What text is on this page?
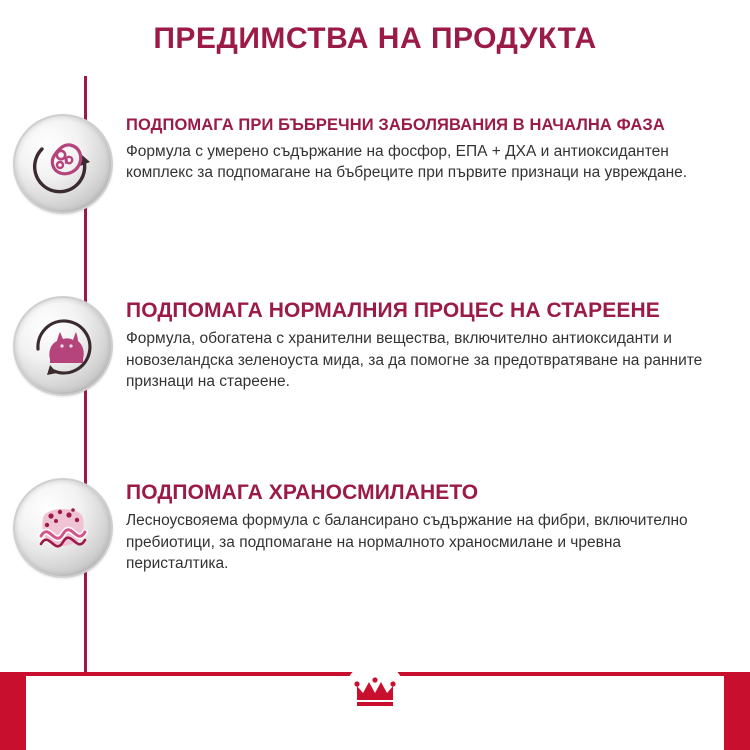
ПРЕДИМСТВА НА ПРОДУКТА
ПОДПОМАГА ПРИ БЪБРЕЧНИ ЗАБОЛЯВАНИЯ В НАЧАЛНА ФАЗА
Формула с умерено съдържание на фосфор, ЕПА + ДХА и антиоксидантен комплекс за подпомагане на бъбреците при първите признаци на увреждане.
ПОДПОМАГА НОРМАЛНИЯ ПРОЦЕС НА СТАРЕЕНЕ
Формула, обогатена с хранителни вещества, включително антиоксиданти и новозеландска зеленоуста мида, за да помогне за предотвратяване на ранните признаци на стареене.
ПОДПОМАГА ХРАНОСМИЛАНЕТО
Лесноусвояема формула с балансирано съдържание на фибри, включително пребиотици, за подпомагане на нормалното храносмилане и чревна перисталтика.
